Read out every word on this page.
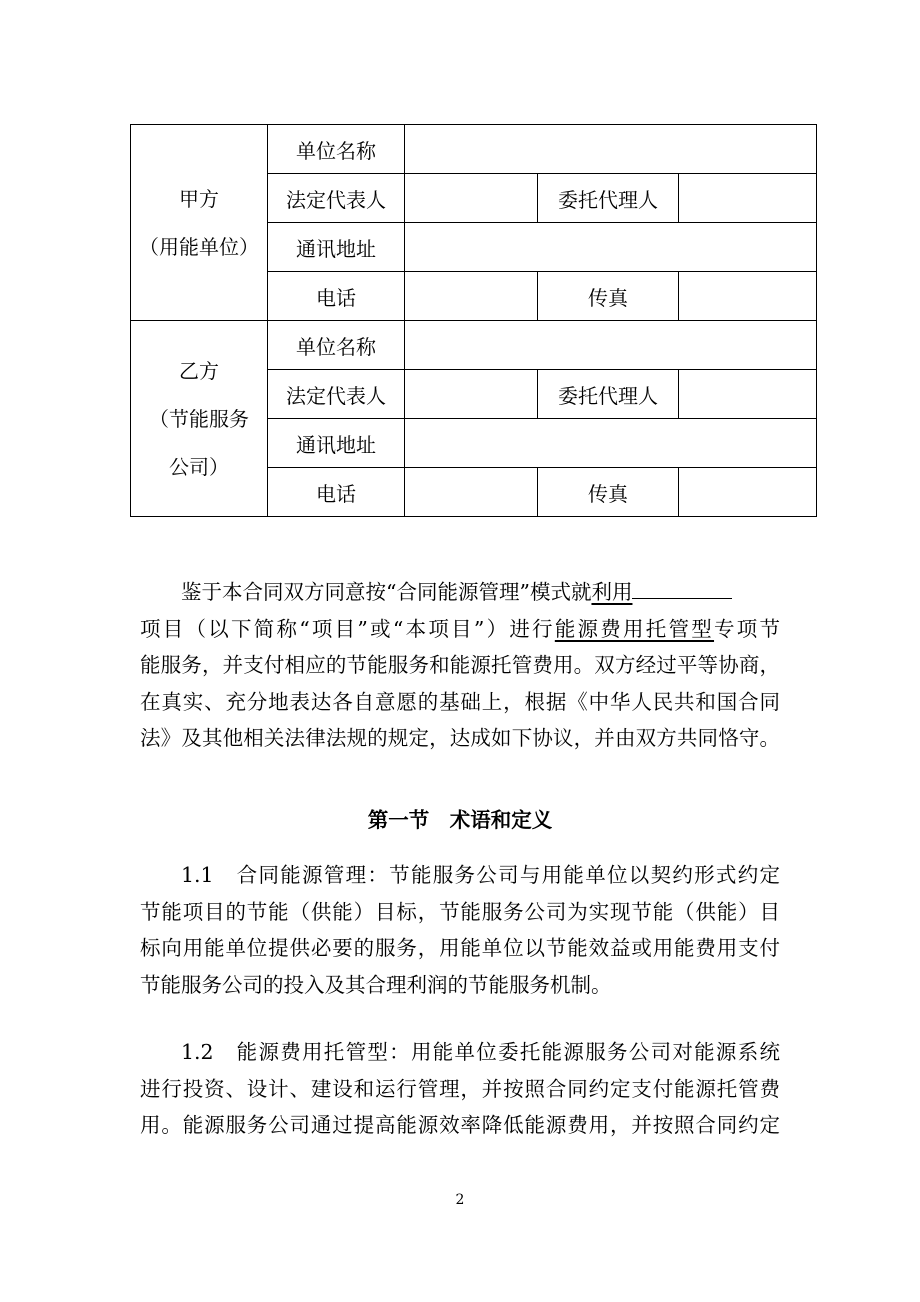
甲方
（用能单位）	单位名称			
	法定代表人		委托代理人	
	通讯地址			
	电话		传真	

乙方
（节能服务
公司）	单位名称			
	法定代表人		委托代理人	
	通讯地址			
	电话		传真	
鉴于本合同双方同意按“合同能源管理”模式就利用
项目（以下简称“项目”或“本项目”）进行能源费用托管型专项节
能服务，并支付相应的节能服务和能源托管费用。双方经过平等协商，
在真实、充分地表达各自意愿的基础上，根据《中华人民共和国合同
法》及其他相关法律法规的规定，达成如下协议，并由双方共同恪守。
第一节　术语和定义
1.1　合同能源管理：节能服务公司与用能单位以契约形式约定
节能项目的节能（供能）目标，节能服务公司为实现节能（供能）目
标向用能单位提供必要的服务，用能单位以节能效益或用能费用支付
节能服务公司的投入及其合理利润的节能服务机制。
1.2　能源费用托管型：用能单位委托能源服务公司对能源系统
进行投资、设计、建设和运行管理，并按照合同约定支付能源托管费
用。能源服务公司通过提高能源效率降低能源费用，并按照合同约定
2
